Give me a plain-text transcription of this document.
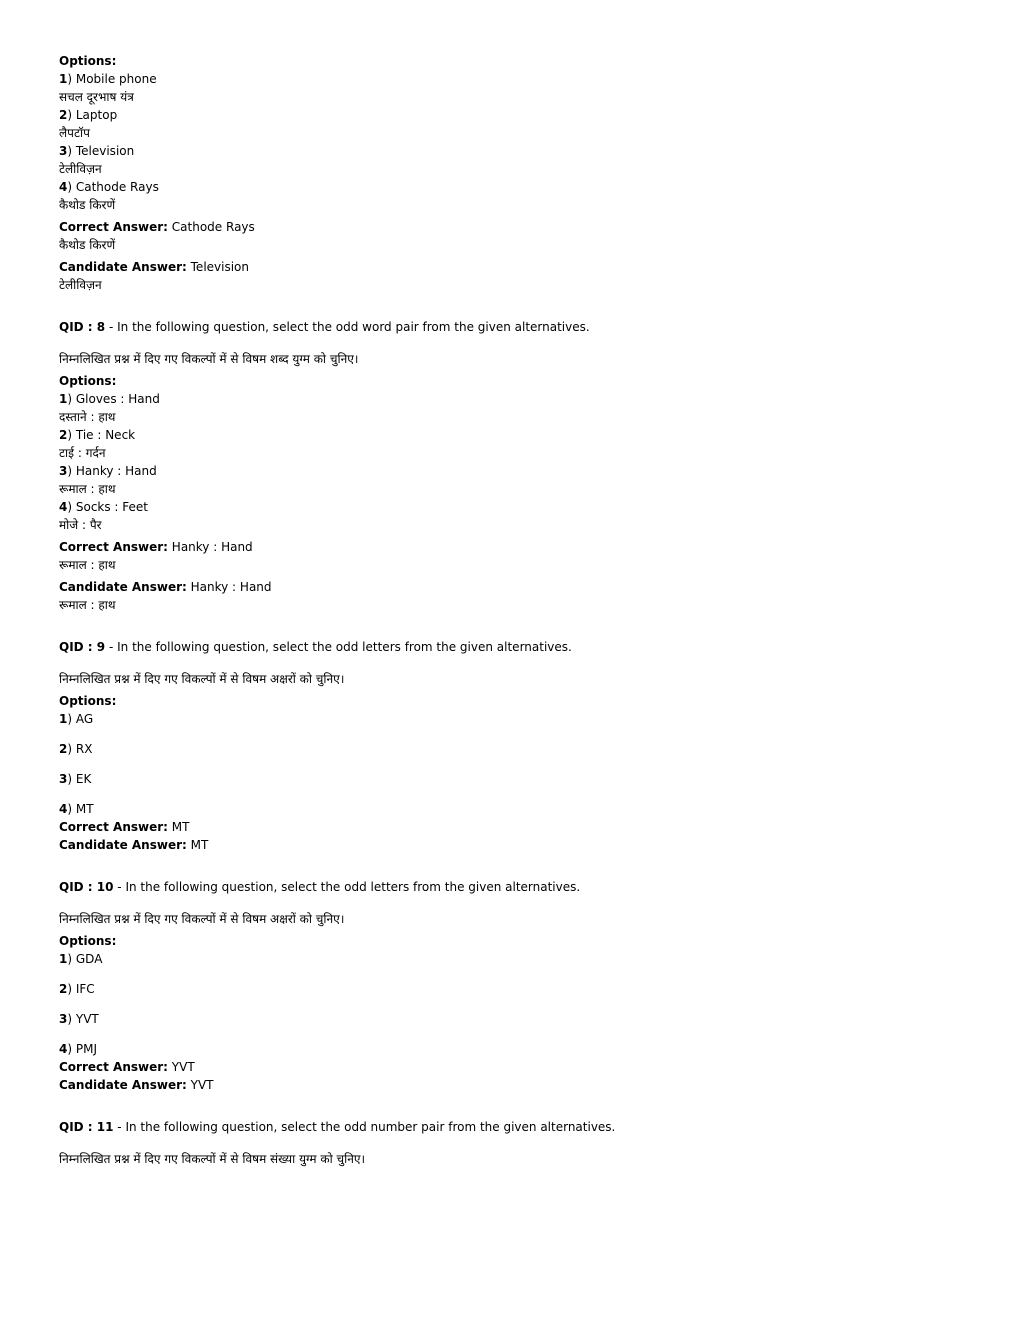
Options:
1) Mobile phone
सचल दूरभाष यंत्र
2) Laptop
लैपटॉप
3) Television
टेलीविज़न
4) Cathode Rays
कैथोड किरणें
Correct Answer: Cathode Rays
कैथोड किरणें
Candidate Answer: Television
टेलीविज़न
QID : 8 - In the following question, select the odd word pair from the given alternatives.
निम्नलिखित प्रश्न में दिए गए विकल्पों में से विषम शब्द युग्म को चुनिए।
Options:
1) Gloves : Hand
दस्ताने : हाथ
2) Tie : Neck
टाई : गर्दन
3) Hanky : Hand
रूमाल : हाथ
4) Socks : Feet
मोजे : पैर
Correct Answer: Hanky : Hand
रूमाल : हाथ
Candidate Answer: Hanky : Hand
रूमाल : हाथ
QID : 9 - In the following question, select the odd letters from the given alternatives.
निम्नलिखित प्रश्न में दिए गए विकल्पों में से विषम अक्षरों को चुनिए।
Options:
1) AG
2) RX
3) EK
4) MT
Correct Answer: MT
Candidate Answer: MT
QID : 10 - In the following question, select the odd letters from the given alternatives.
निम्नलिखित प्रश्न में दिए गए विकल्पों में से विषम अक्षरों को चुनिए।
Options:
1) GDA
2) IFC
3) YVT
4) PMJ
Correct Answer: YVT
Candidate Answer: YVT
QID : 11 - In the following question, select the odd number pair from the given alternatives.
निम्नलिखित प्रश्न में दिए गए विकल्पों में से विषम संख्या युग्म को चुनिए।
